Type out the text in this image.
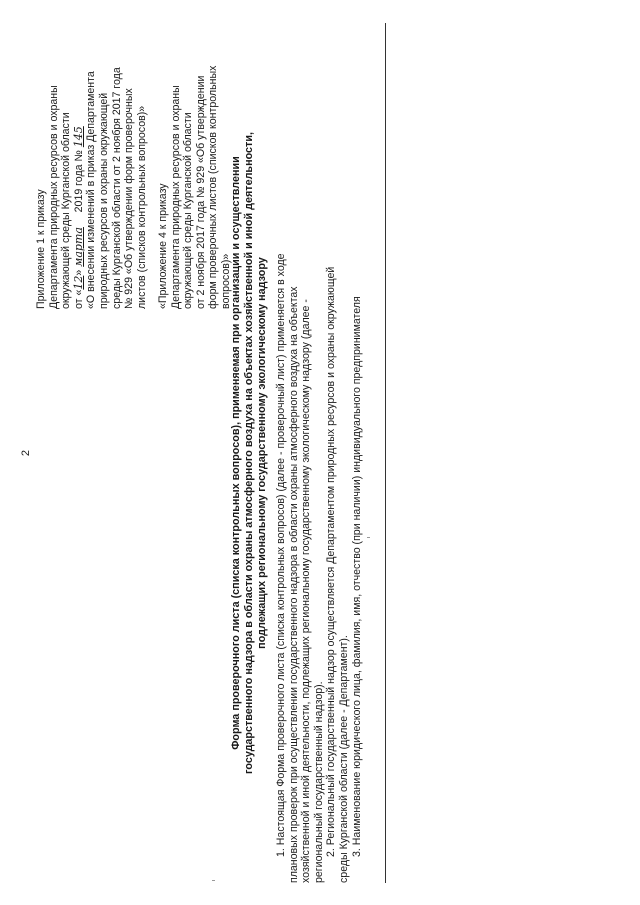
2
Приложение 1 к приказу Департамента природных ресурсов и охраны окружающей среды Курганской области от «12» марта     2019 года № 145 «О внесении изменений в приказ Департамента природных ресурсов и охраны окружающей среды Курганской области от 2 ноября 2017 года № 929 «Об утверждении форм проверочных листов (списков контрольных вопросов)» «Приложение 4 к приказу Департамента природных ресурсов и охраны окружающей среды Курганской области от 2 ноября 2017 года № 929 «Об утверждении форм проверочных листов (списков контрольных вопросов)»
Форма проверочного листа (списка контрольных вопросов), применяемая при организации и осуществлении государственного надзора в области охраны атмосферного воздуха на объектах хозяйственной и иной деятельности, подлежащих региональному государственному экологическому надзору 1. Настоящая Форма проверочного листа (списка контрольных вопросов) (далее - проверочный лист) применяется в ходе плановых проверок при осуществлении государственного надзора в области охраны атмосферного воздуха на объектах хозяйственной и иной деятельности, подлежащих региональному государственному экологическому надзору (далее - региональный государственный надзор). 2. Региональный государственный надзор осуществляется Департаментом природных ресурсов и охраны окружающей среды Курганской области (далее - Департамент). 3. Наименование юридического лица, фамилия, имя, отчество (при наличии) индивидуального предпринимателя
